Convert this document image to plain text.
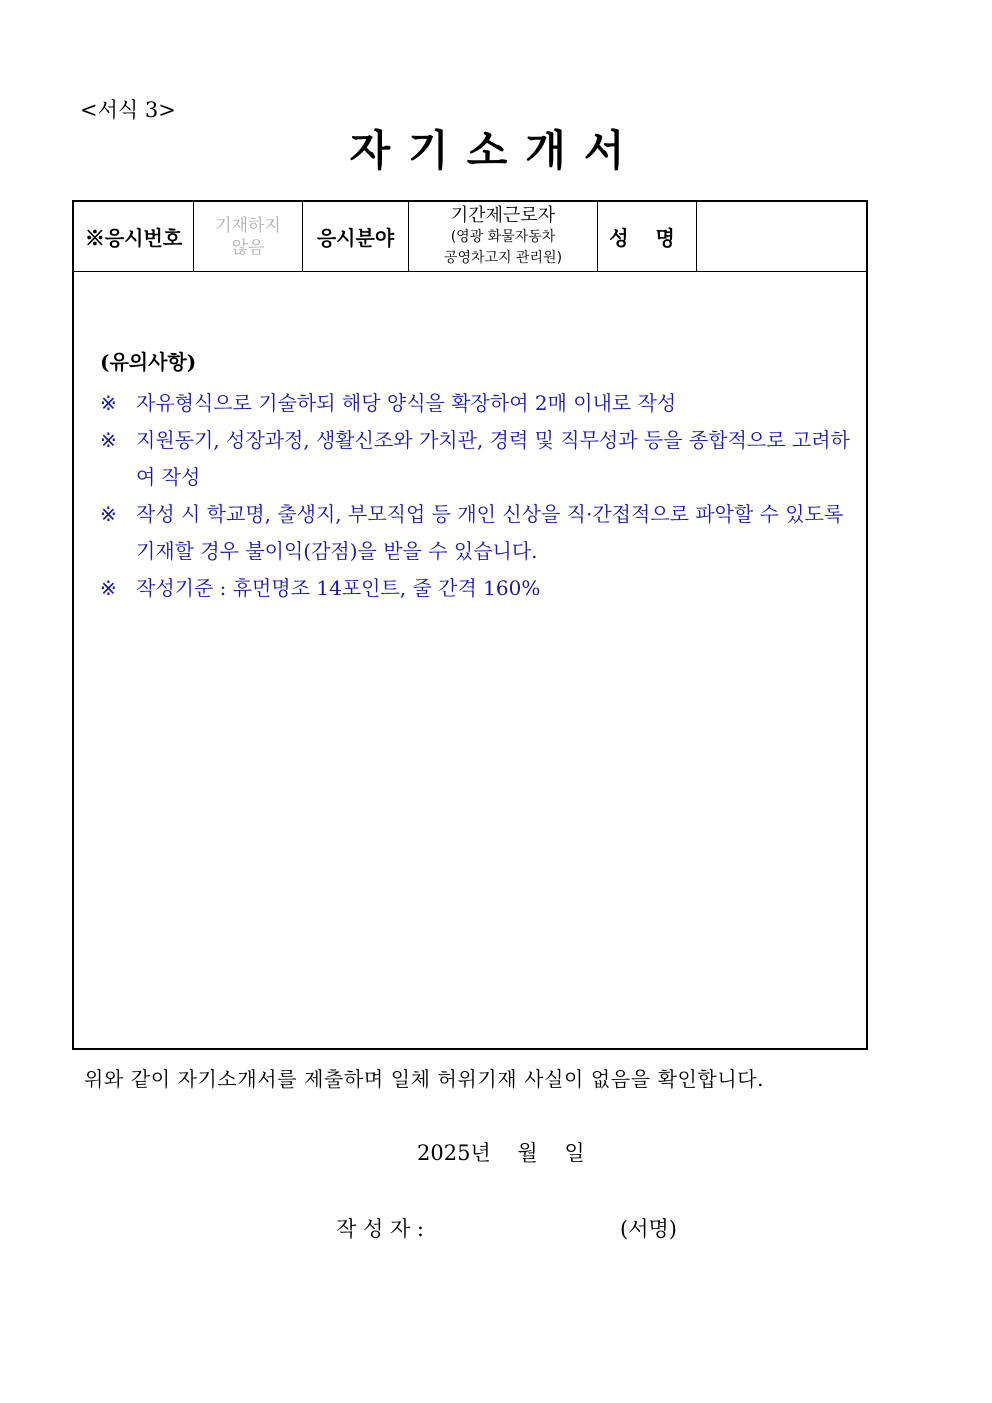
<서식 3>
자기소개서
※응시번호
기재하지
않음	응시분야
기간제근로자
(영광 화물자동차
공영차고지 관리원)
성 명
(유의사항)
※ 자유형식으로 기술하되 해당 양식을 확장하여 2매 이내로 작성
※ 지원동기, 성장과정, 생활신조와 가치관, 경력 및 직무성과 등을 종합적으로 고려하여 작성
※ 작성 시 학교명, 출생지, 부모직업 등 개인 신상을 직·간접적으로 파악할 수 있도록 기재할 경우 불이익(감점)을 받을 수 있습니다.
※ 작성기준 : 휴먼명조 14포인트, 줄 간격 160%
위와 같이 자기소개서를 제출하며 일체 허위기재 사실이 없음을 확인합니다.
2025년    월    일
작 성 자 :	(서명)
